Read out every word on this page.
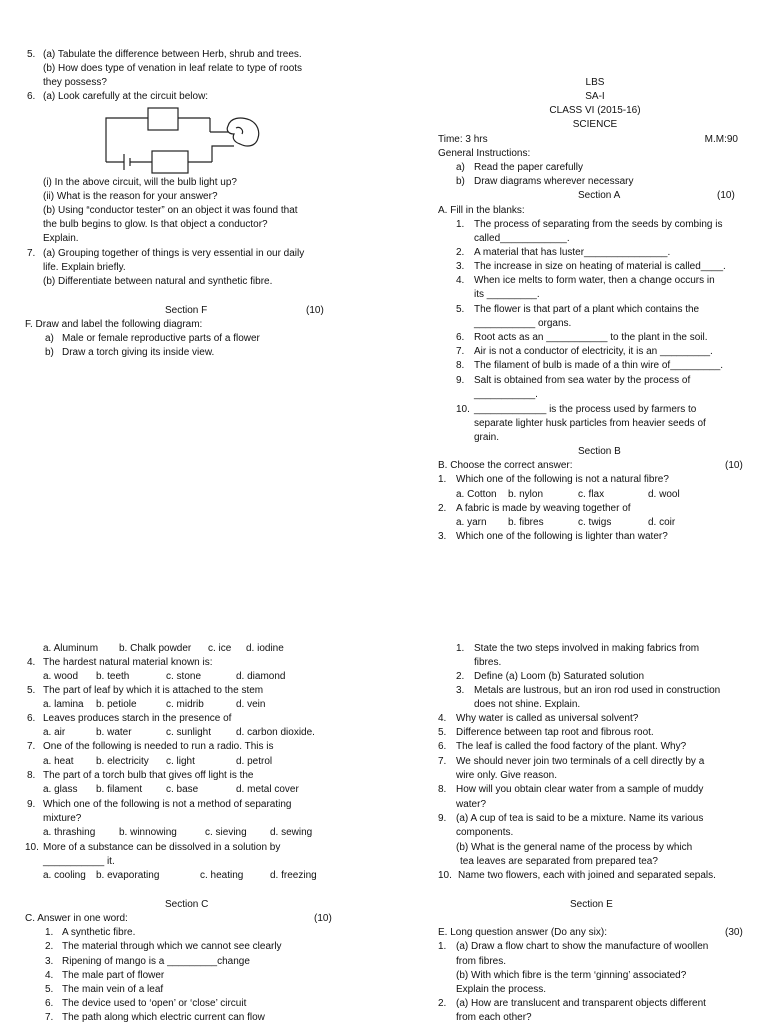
5. (a) Tabulate the difference between Herb, shrub and trees.
(b) How does type of venation in leaf relate to type of roots
they possess?
6. (a) Look carefully at the circuit below:
(i) In the above circuit, will the bulb light up?
(ii) What is the reason for your answer?
(b) Using “conductor tester” on an object it was found that
the bulb begins to glow. Is that object a conductor?
Explain.
7. (a) Grouping together of things is very essential in our daily
life. Explain briefly.
(b) Differentiate between natural and synthetic fibre.
Section F	(10)
F. Draw and label the following diagram:
a) Male or female reproductive parts of a flower
b) Draw a torch giving its inside view.
LBS
SA-I
CLASS VI (2015-16)
SCIENCE
Time: 3 hrs	M.M:90
General Instructions:
a) Read the paper carefully
b) Draw diagrams wherever necessary
Section A	(10)
A. Fill in the blanks:
1. The process of separating from the seeds by combing is
called____________.
2. A material that has luster_______________.
3. The increase in size on heating of material is called____.
4. When ice melts to form water, then a change occurs in
its _________.
5. The flower is that part of a plant which contains the
___________ organs.
6. Root acts as an ___________ to the plant in the soil.
7. Air is not a conductor of electricity, it is an _________.
8. The filament of bulb is made of a thin wire of_________.
9. Salt is obtained from sea water by the process of
___________.
10. _____________ is the process used by farmers to
separate lighter husk particles from heavier seeds of
grain.
Section B
B. Choose the correct answer:	(10)
1. Which one of the following is not a natural fibre?
a. Cotton b. nylon	c. flax	d. wool
2. A fabric is made by weaving together of
a. yarn b. fibres	c. twigs	d. coir
3. Which one of the following is lighter than water?
a. Aluminum b. Chalk powder c. ice d. iodine
4. The hardest natural material known is:
a. wood b. teeth	c. stone	d. diamond
5. The part of leaf by which it is attached to the stem
a. lamina b. petiole	c. midrib	d. vein
6. Leaves produces starch in the presence of
a. air	b. water	c. sunlight d. carbon dioxide.
7. One of the following is needed to run a radio. This is
a. heat b. electricity c. light	d. petrol
8. The part of a torch bulb that gives off light is the
a. glass b. filament c. base	d. metal cover
9. Which one of the following is not a method of separating
mixture?
a. thrashing b. winnowing	c. sieving d. sewing
10. More of a substance can be dissolved in a solution by
___________ it.
a. cooling b. evaporating	c. heating	d. freezing
Section C
C. Answer in one word:	(10)
1. A synthetic fibre.
2. The material through which we cannot see clearly
3. Ripening of mango is a _________change
4. The male part of flower
5. The main vein of a leaf
6. The device used to ‘open’ or ‘close’ circuit
7. The path along which electric current can flow
1. State the two steps involved in making fabrics from
fibres.
2. Define (a) Loom (b) Saturated solution
3. Metals are lustrous, but an iron rod used in construction
does not shine. Explain.
4. Why water is called as universal solvent?
5. Difference between tap root and fibrous root.
6. The leaf is called the food factory of the plant. Why?
7. We should never join two terminals of a cell directly by a
wire only. Give reason.
8. How will you obtain clear water from a sample of muddy
water?
9. (a) A cup of tea is said to be a mixture. Name its various
components.
(b) What is the general name of the process by which
tea leaves are separated from prepared tea?
10. Name two flowers, each with joined and separated sepals.
Section E
E. Long question answer (Do any six):	(30)
1. (a) Draw a flow chart to show the manufacture of woollen
from fibres.
(b) With which fibre is the term ‘ginning’ associated?
Explain the process.
2. (a) How are translucent and transparent objects different
from each other?
